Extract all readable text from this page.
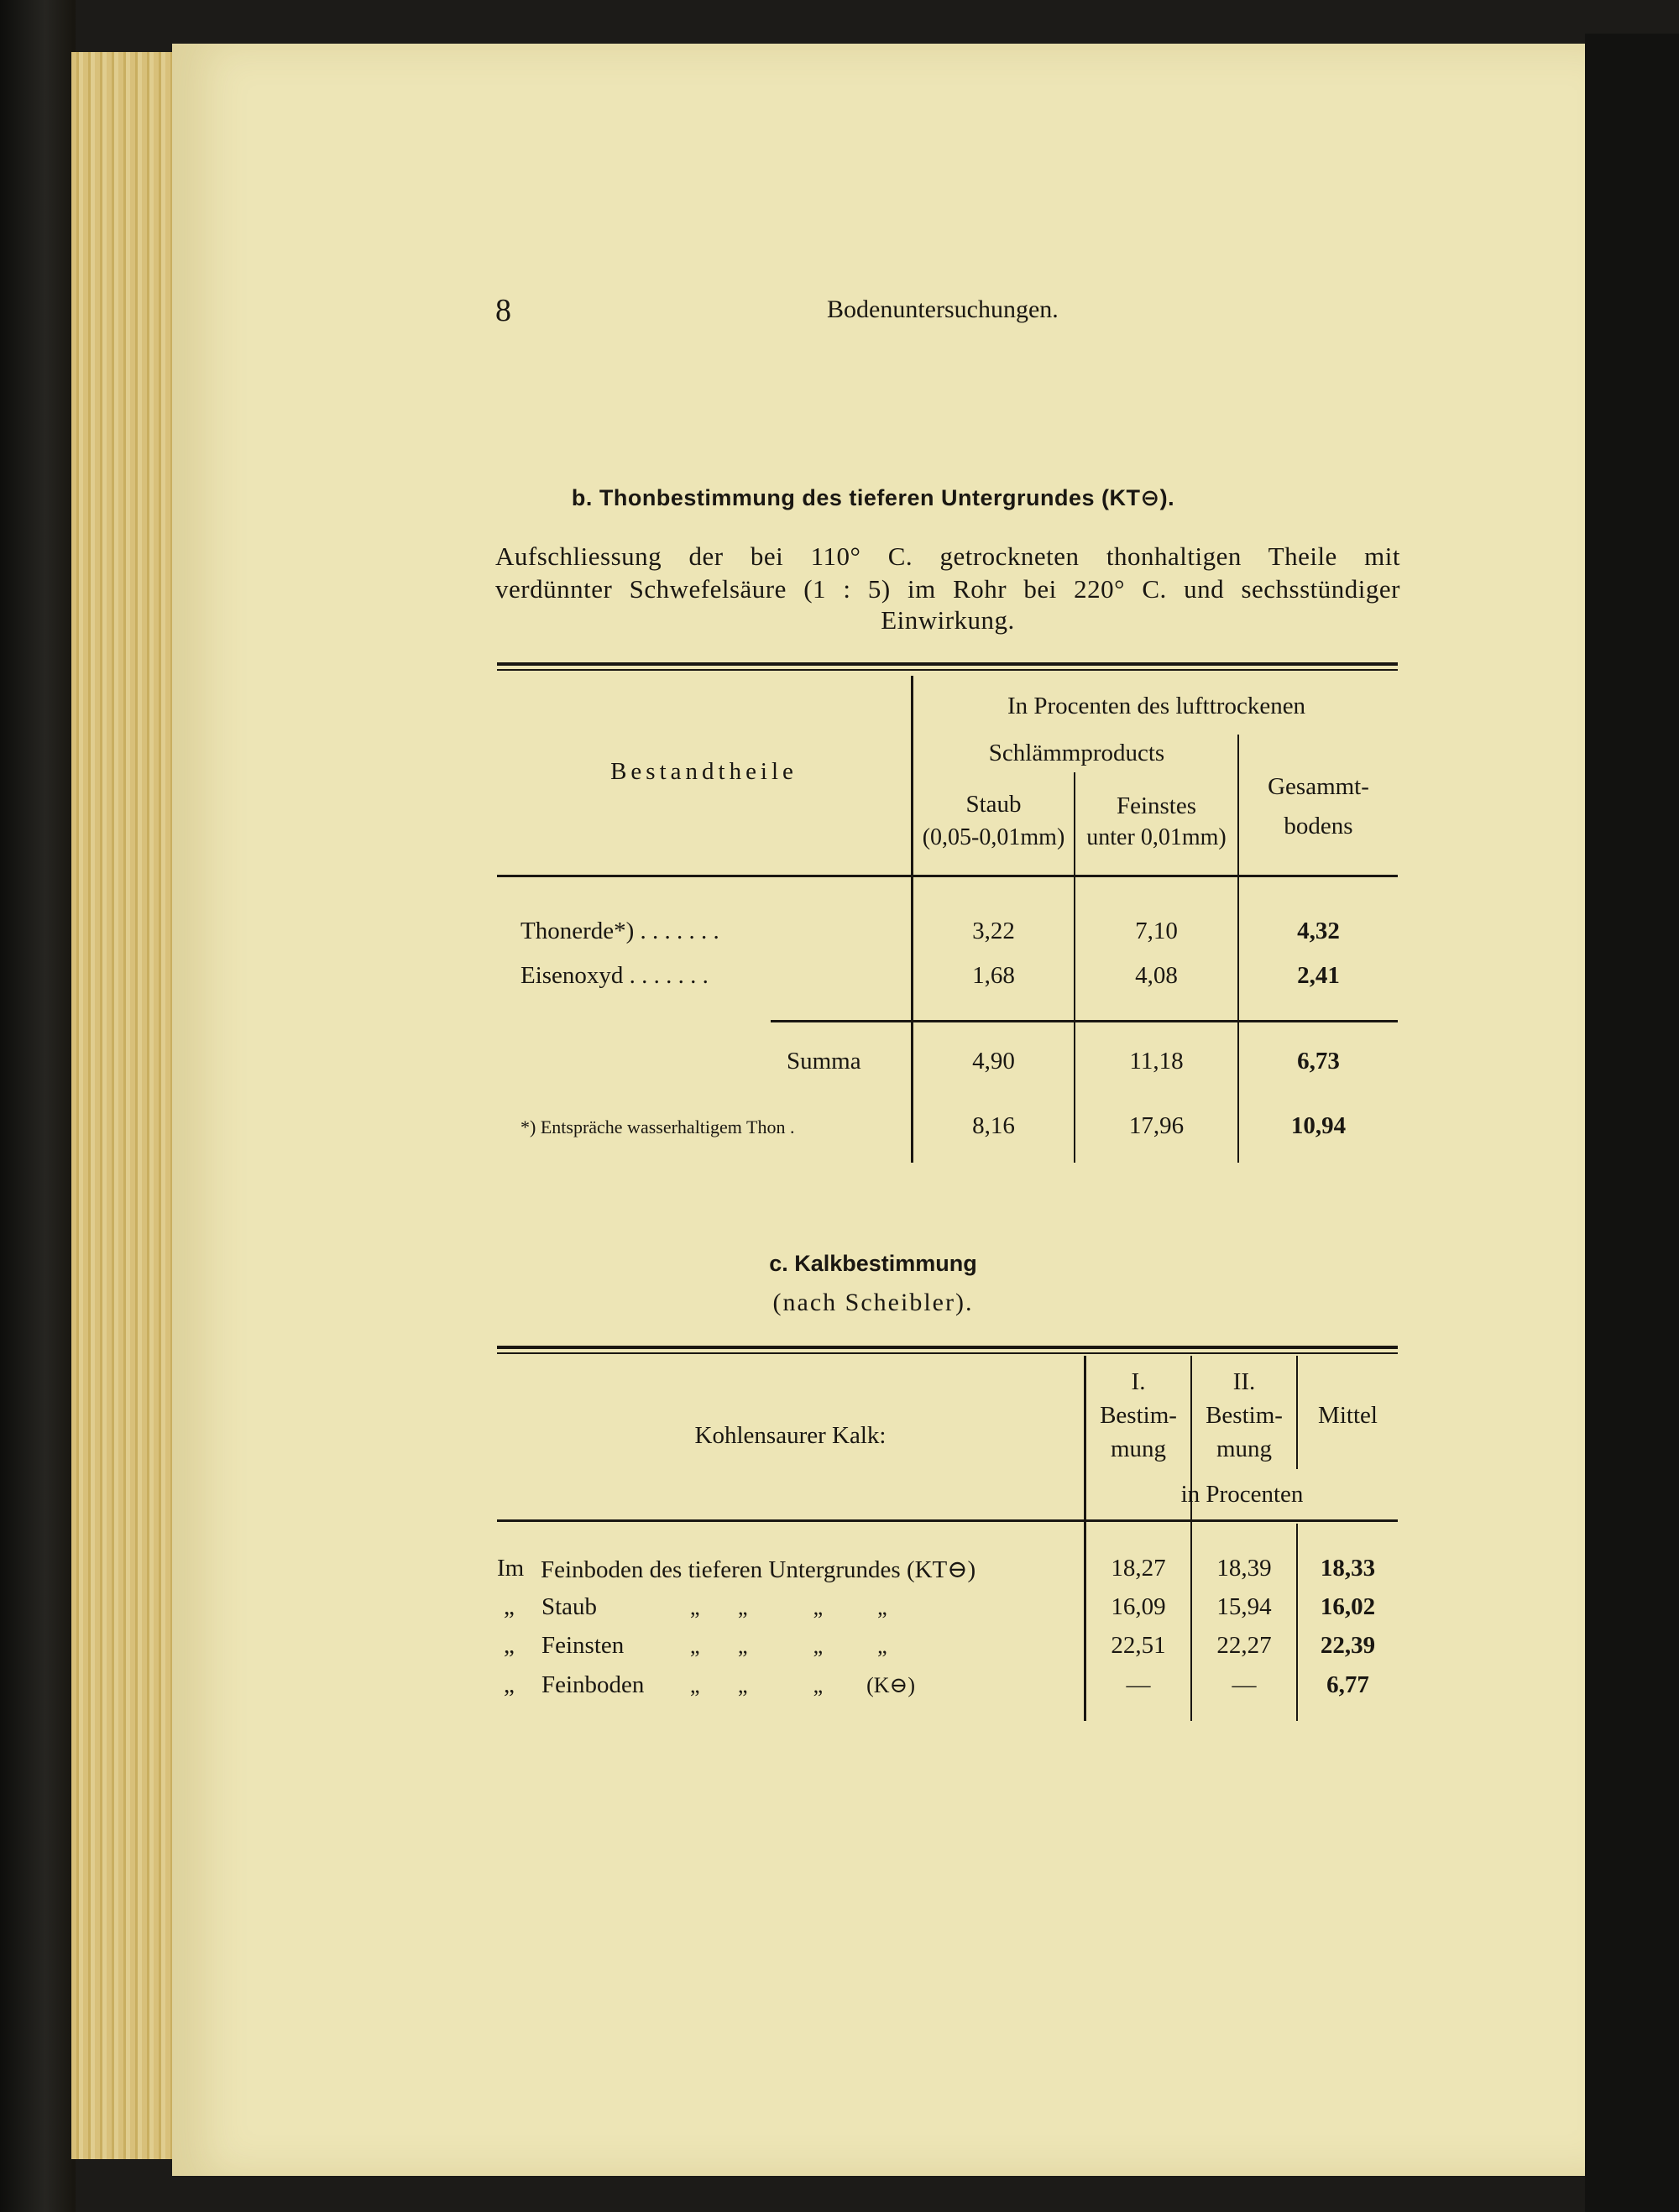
8	Bodenuntersuchungen.
b. Thonbestimmung des tieferen Untergrundes (KT⊖).
Aufschliessung der bei 110° C. getrockneten thonhaltigen Theile mit
verdünnter Schwefelsäure (1 : 5) im Rohr bei 220° C. und sechsstündiger
Einwirkung.
Bestandtheile
In Procenten des lufttrockenen
Schlämmproducts
Staub
(0,05-0,01mm)
Feinstes
unter 0,01mm)
Gesammt-
bodens
Thonerde*) . . . . . . .	3,22	7,10	4,32
Eisenoxyd . . . . . . .	1,68	4,08	2,41
Summa	4,90	11,18	6,73
*) Entspräche wasserhaltigem Thon .	8,16	17,96	10,94
c. Kalkbestimmung
(nach Scheibler).
Kohlensaurer Kalk:
I.
Bestim-
mung
II.
Bestim-
mung
Mittel
in Procenten
Im Feinboden des tieferen Untergrundes (KT⊖)	18,27	18,39	18,33
„ Staub	„       „            „          „	16,09	15,94	16,02
„ Feinsten	„       „            „          „	22,51	22,27	22,39
„ Feinboden „       „            „        (K⊖)	—	—	6,77
